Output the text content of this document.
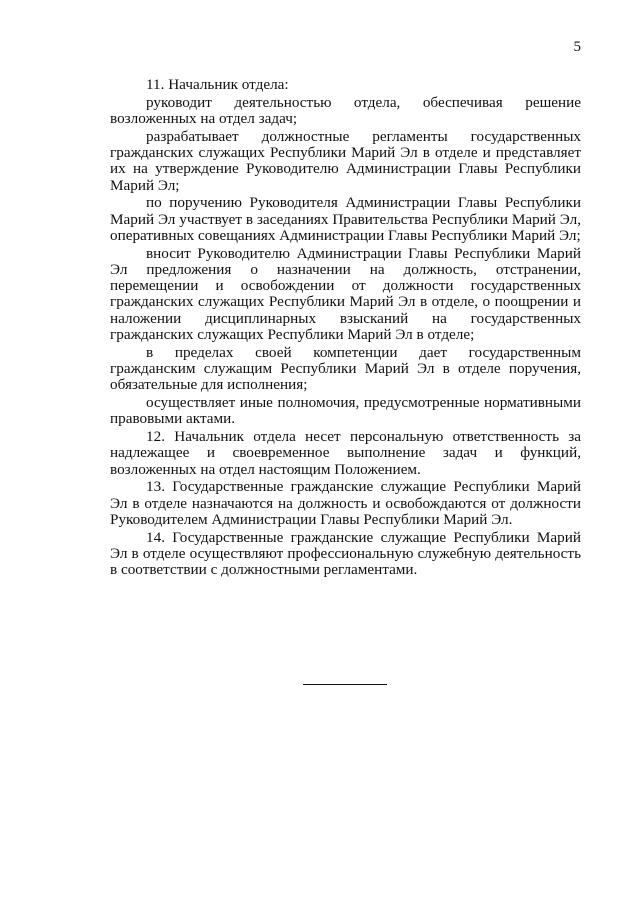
5

11. Начальник отдела:

руководит деятельностью отдела, обеспечивая решение возложенных на отдел задач;

разрабатывает должностные регламенты государственных гражданских служащих Республики Марий Эл в отделе и представляет их на утверждение Руководителю Администрации Главы Республики Марий Эл;

по поручению Руководителя Администрации Главы Республики Марий Эл участвует в заседаниях Правительства Республики Марий Эл, оперативных совещаниях Администрации Главы Республики Марий Эл;

вносит Руководителю Администрации Главы Республики Марий Эл предложения о назначении на должность, отстранении, перемещении и освобождении от должности государственных гражданских служащих Республики Марий Эл в отделе, о поощрении и наложении дисциплинарных взысканий на государственных гражданских служащих Республики Марий Эл в отделе;

в пределах своей компетенции дает государственным гражданским служащим Республики Марий Эл в отделе поручения, обязательные для исполнения;

осуществляет иные полномочия, предусмотренные нормативными правовыми актами.

12. Начальник отдела несет персональную ответственность за надлежащее и своевременное выполнение задач и функций, возложенных на отдел настоящим Положением.

13. Государственные гражданские служащие Республики Марий Эл в отделе назначаются на должность и освобождаются от должности Руководителем Администрации Главы Республики Марий Эл.

14. Государственные гражданские служащие Республики Марий Эл в отделе осуществляют профессиональную служебную деятельность в соответствии с должностными регламентами.
